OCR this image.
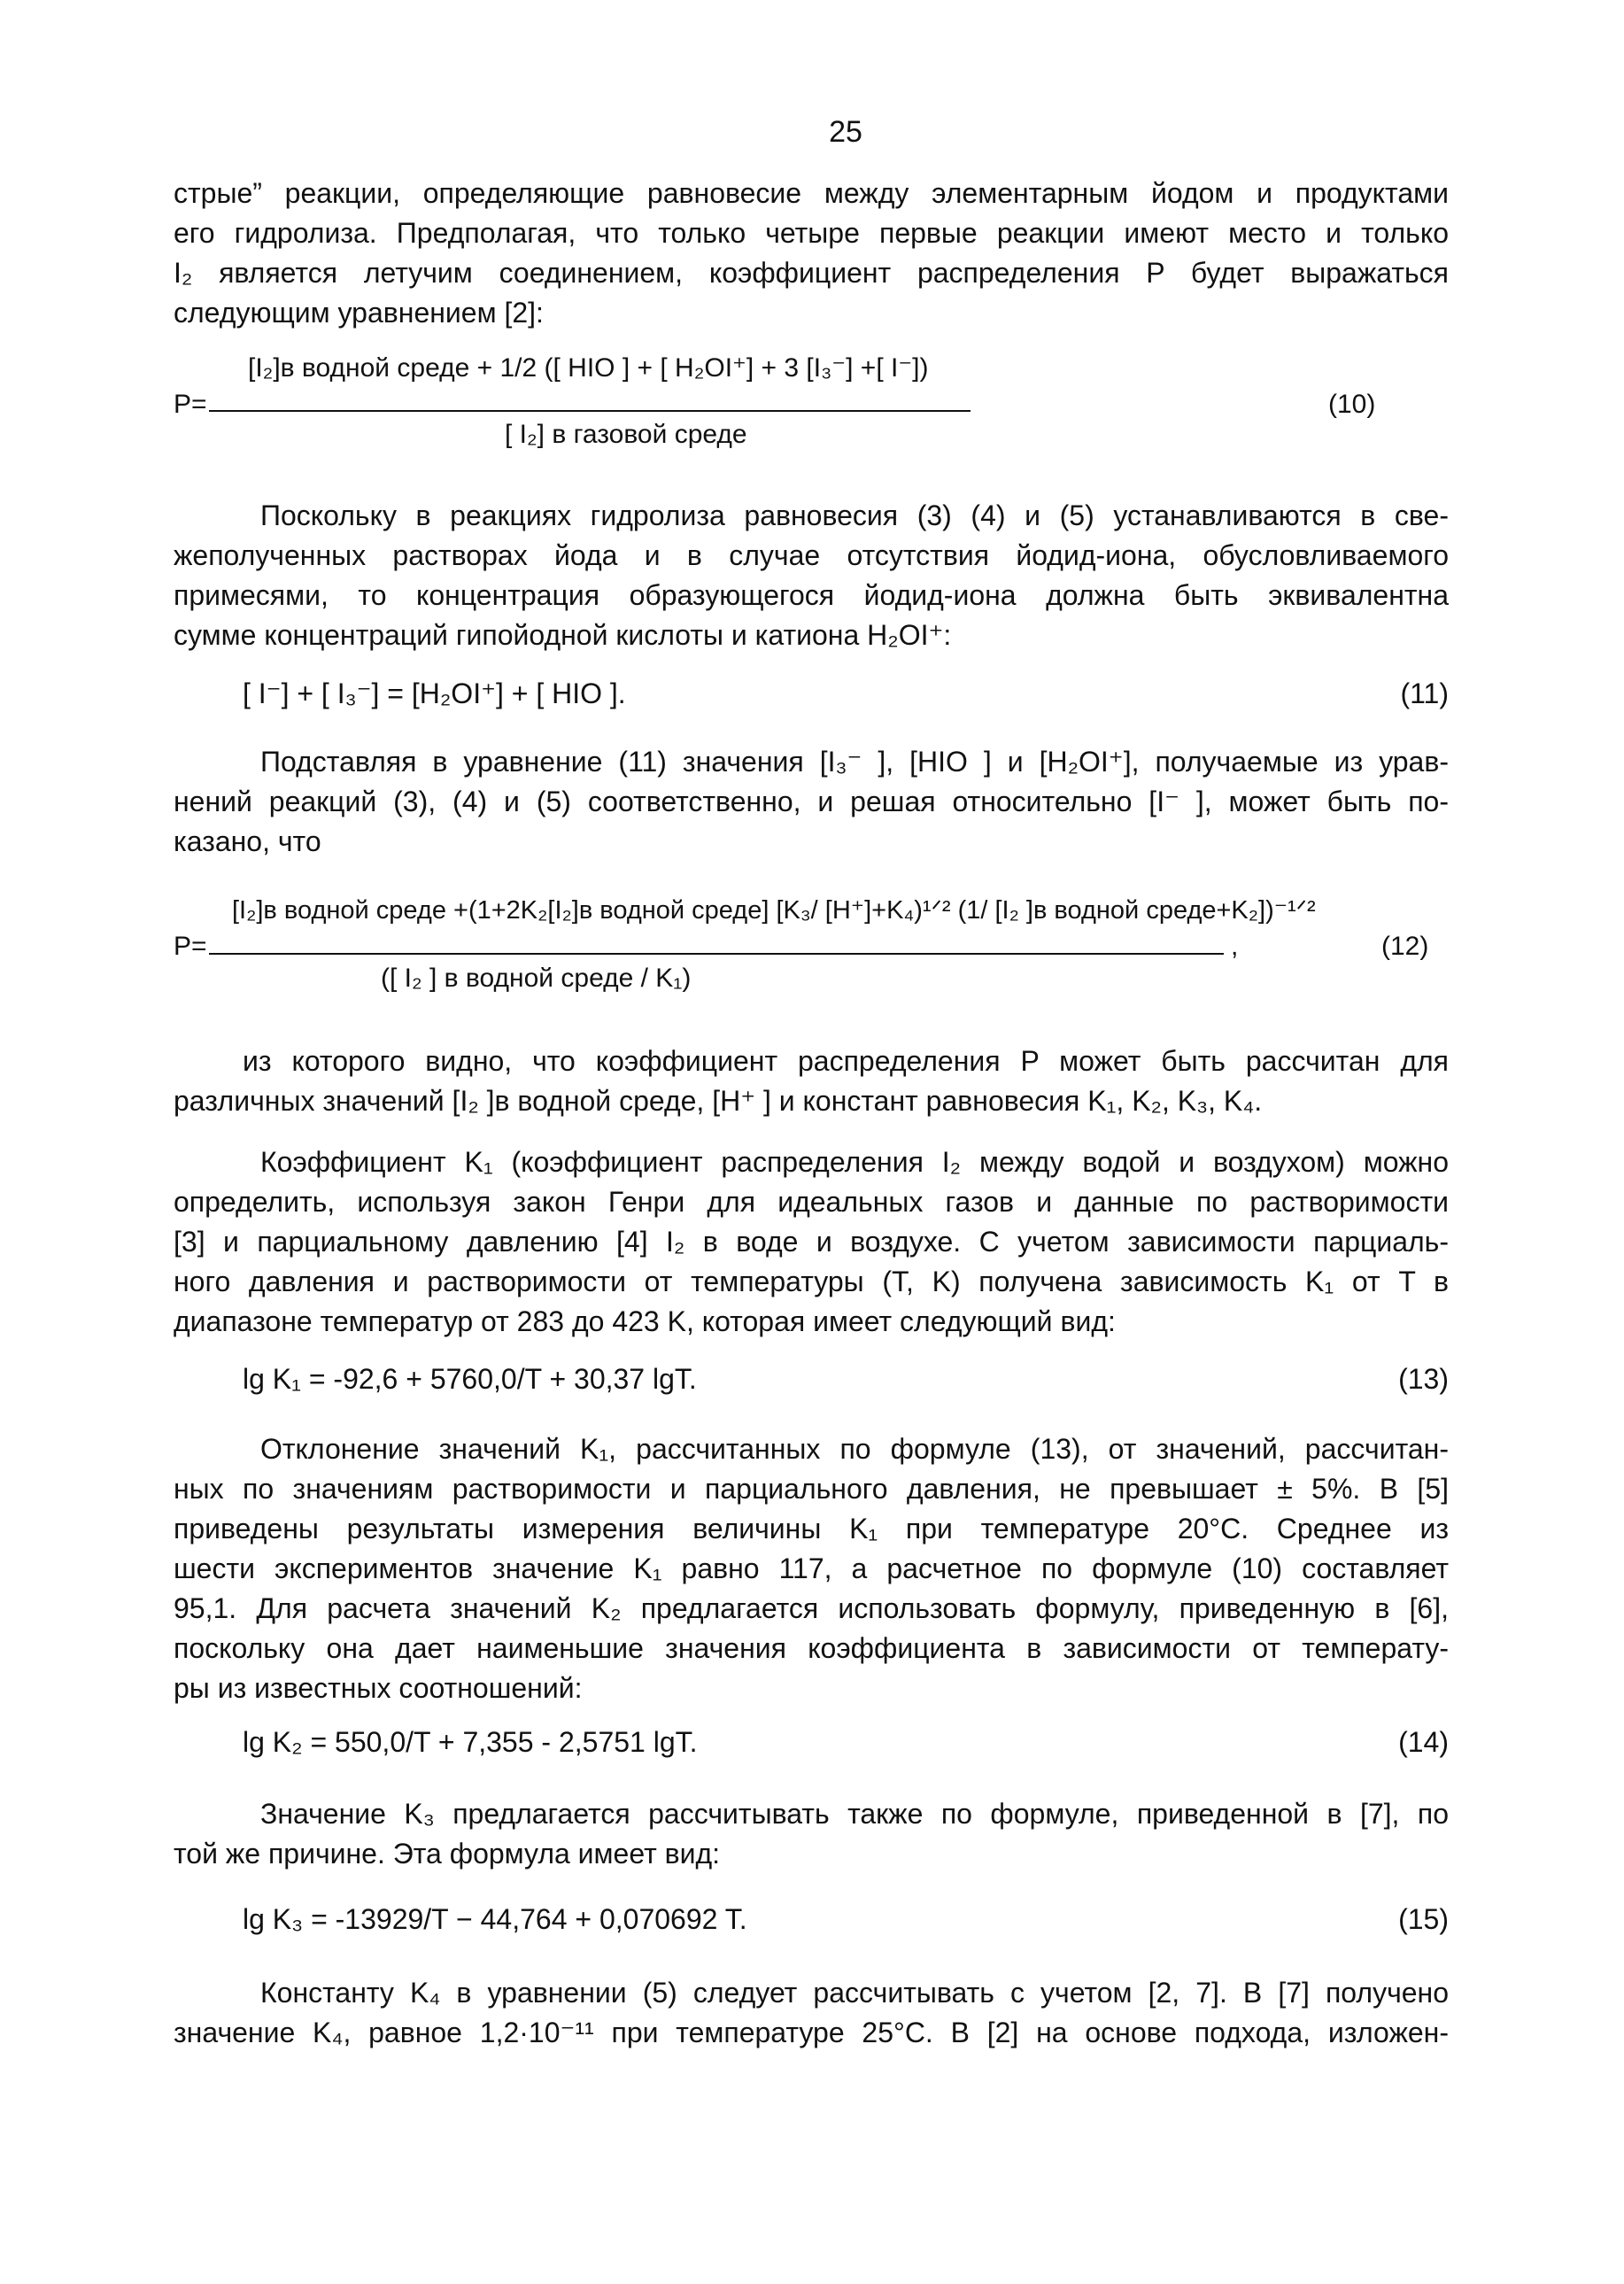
25
стрые” реакции, определяющие равновесие между элементарным йодом и продуктами
его гидролиза. Предполагая, что только четыре первые реакции имеют место и только
I₂ является летучим соединением, коэффициент распределения P будет выражаться
следующим уравнением [2]:
[I₂]в водной среде + 1/2 ([ HIO ] + [ H₂OI⁺] + 3 [I₃⁻] +[ I⁻])
P=
[ I₂] в газовой среде
(10)
Поскольку в реакциях гидролиза равновесия (3) (4) и (5) устанавливаются в све-
жеполученных растворах йода и в случае отсутствия йодид-иона, обусловливаемого
примесями, то концентрация образующегося йодид-иона должна быть эквивалентна
сумме концентраций гипойодной кислоты и катиона H₂OI⁺:
[ I⁻] + [ I₃⁻] = [H₂OI⁺] + [ HIO ].	(11)
Подставляя в уравнение (11) значения [I₃⁻ ], [HIO ] и [H₂OI⁺], получаемые из урав-
нений реакций (3), (4) и (5) соответственно, и решая относительно [I⁻ ], может быть по-
казано, что
[I₂]в водной среде +(1+2K₂[I₂]в водной среде] [K₃/ [H⁺]+K₄)¹ᐟ² (1/ [I₂ ]в водной среде+K₂])⁻¹ᐟ²
P=	,
([ I₂ ] в водной среде / K₁)
(12)
из которого видно, что коэффициент распределения P может быть рассчитан для
различных значений [I₂ ]в водной среде, [H⁺ ] и констант равновесия K₁, K₂, K₃, K₄.
Коэффициент K₁ (коэффициент распределения I₂ между водой и воздухом) можно
определить, используя закон Генри для идеальных газов и данные по растворимости
[3] и парциальному давлению [4] I₂ в воде и воздухе. С учетом зависимости парциаль-
ного давления и растворимости от температуры (T, K) получена зависимость K₁ от T в
диапазоне температур от 283 до 423 K, которая имеет следующий вид:
lg K₁ = -92,6 + 5760,0/T + 30,37 lgT.	(13)
Отклонение значений K₁, рассчитанных по формуле (13), от значений, рассчитан-
ных по значениям растворимости и парциального давления, не превышает ± 5%. В [5]
приведены результаты измерения величины K₁ при температуре 20°C. Среднее из
шести экспериментов значение K₁ равно 117, а расчетное по формуле (10) составляет
95,1. Для расчета значений K₂ предлагается использовать формулу, приведенную в [6],
поскольку она дает наименьшие значения коэффициента в зависимости от температу-
ры из известных соотношений:
lg K₂ = 550,0/T + 7,355 - 2,5751 lgT.	(14)
Значение K₃ предлагается рассчитывать также по формуле, приведенной в [7], по
той же причине. Эта формула имеет вид:
lg K₃ = -13929/T − 44,764 + 0,070692 T.	(15)
Константу K₄ в уравнении (5) следует рассчитывать с учетом [2, 7]. В [7] получено
значение K₄, равное 1,2·10⁻¹¹ при температуре 25°C. В [2] на основе подхода, изложен-
